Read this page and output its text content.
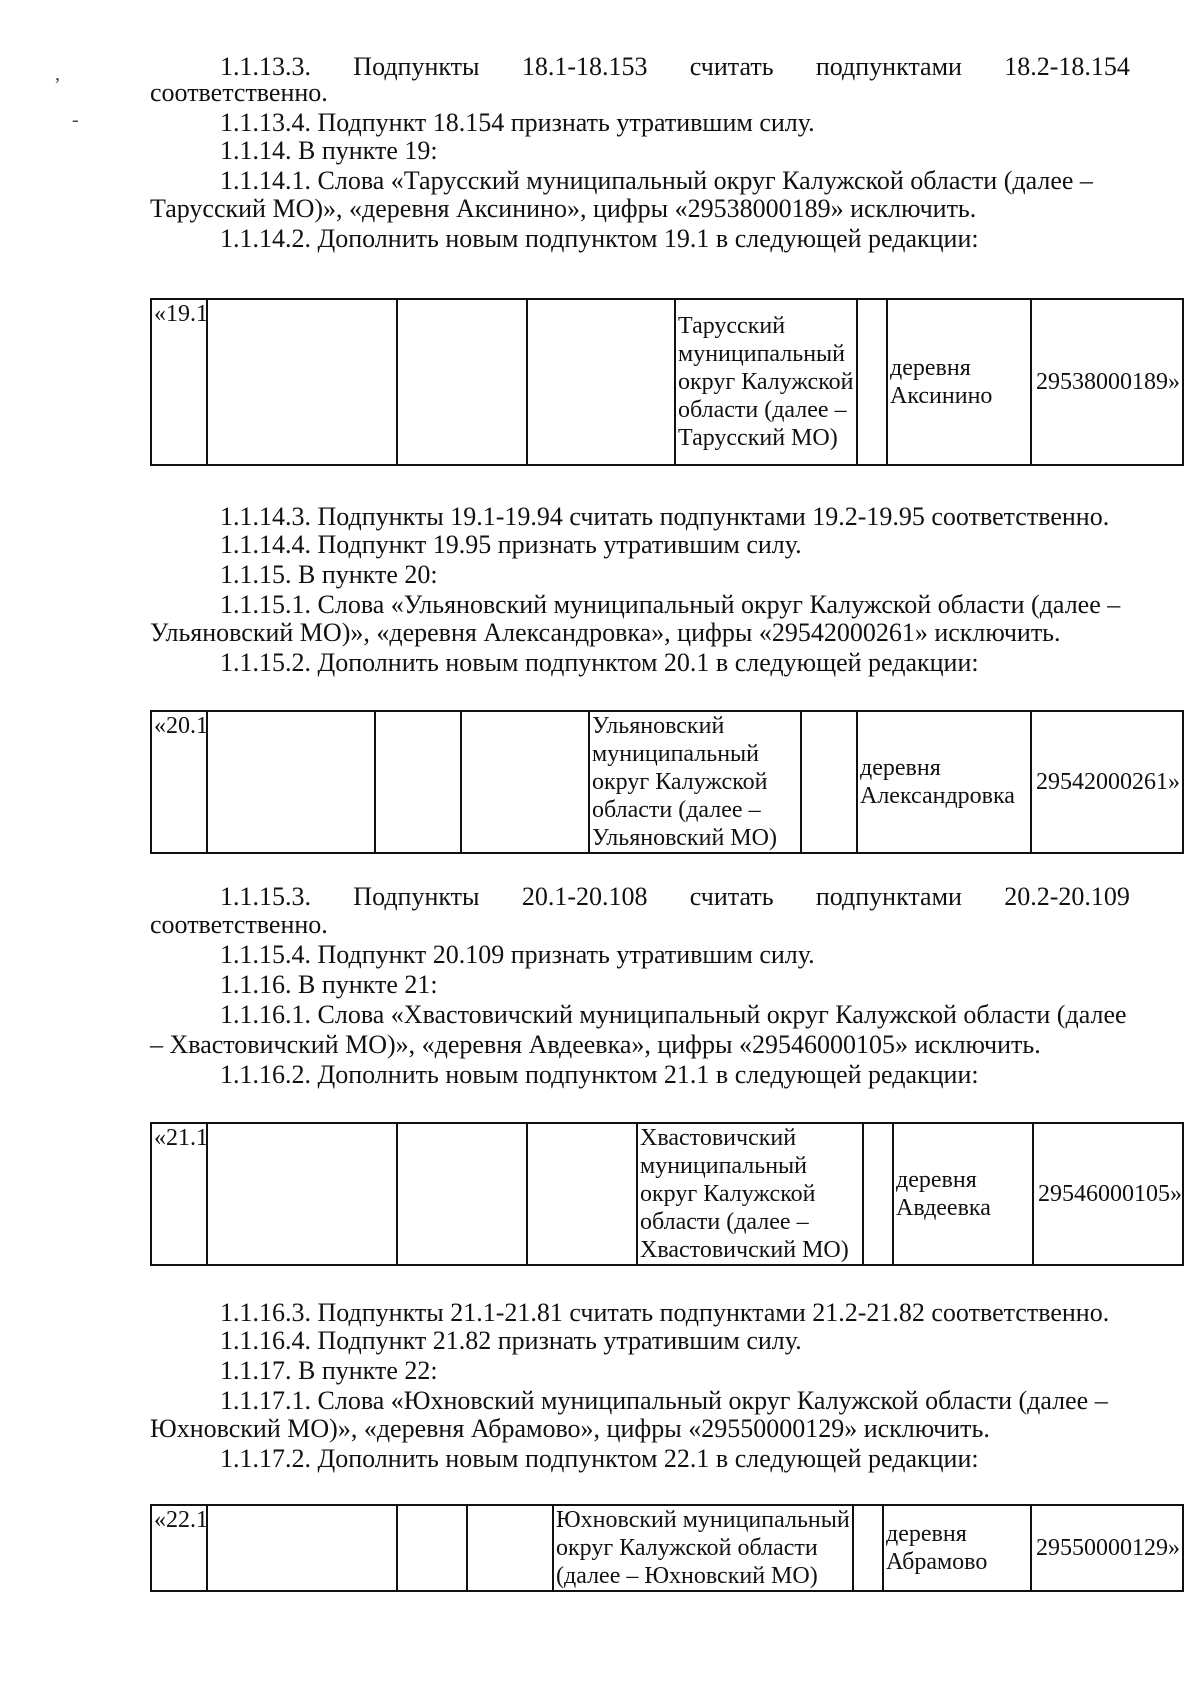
,
-
1.1.13.3. Подпункты 18.1-18.153 считать подпунктами 18.2-18.154
соответственно.
1.1.13.4. Подпункт 18.154 признать утратившим силу.
1.1.14. В пункте 19:
1.1.14.1. Слова «Тарусский муниципальный округ Калужской области (далее –
Тарусский МО)», «деревня Аксинино», цифры «29538000189» исключить.
1.1.14.2. Дополнить новым подпунктом 19.1 в следующей редакции:
«19.1				Тарусский муниципальный округ Калужской области (далее – Тарусский МО)		деревня Аксинино	29538000189»
1.1.14.3. Подпункты 19.1-19.94 считать подпунктами 19.2-19.95 соответственно.
1.1.14.4. Подпункт 19.95 признать утратившим силу.
1.1.15. В пункте 20:
1.1.15.1. Слова «Ульяновский муниципальный округ Калужской области (далее –
Ульяновский МО)», «деревня Александровка», цифры «29542000261» исключить.
1.1.15.2. Дополнить новым подпунктом 20.1 в следующей редакции:
«20.1				Ульяновский муниципальный округ Калужской области (далее – Ульяновский МО)		деревня Александровка	29542000261»
1.1.15.3. Подпункты 20.1-20.108 считать подпунктами 20.2-20.109
соответственно.
1.1.15.4. Подпункт 20.109 признать утратившим силу.
1.1.16. В пункте 21:
1.1.16.1. Слова «Хвастовичский муниципальный округ Калужской области (далее
– Хвастовичский МО)», «деревня Авдеевка», цифры «29546000105» исключить.
1.1.16.2. Дополнить новым подпунктом 21.1 в следующей редакции:
«21.1				Хвастовичский муниципальный округ Калужской области (далее – Хвастовичский МО)		деревня Авдеевка	29546000105»
1.1.16.3. Подпункты 21.1-21.81 считать подпунктами 21.2-21.82 соответственно.
1.1.16.4. Подпункт 21.82 признать утратившим силу.
1.1.17. В пункте 22:
1.1.17.1. Слова «Юхновский муниципальный округ Калужской области (далее –
Юхновский МО)», «деревня Абрамово», цифры «29550000129» исключить.
1.1.17.2. Дополнить новым подпунктом 22.1 в следующей редакции:
«22.1				Юхновский муниципальный округ Калужской области (далее – Юхновский МО)		деревня Абрамово	29550000129»
